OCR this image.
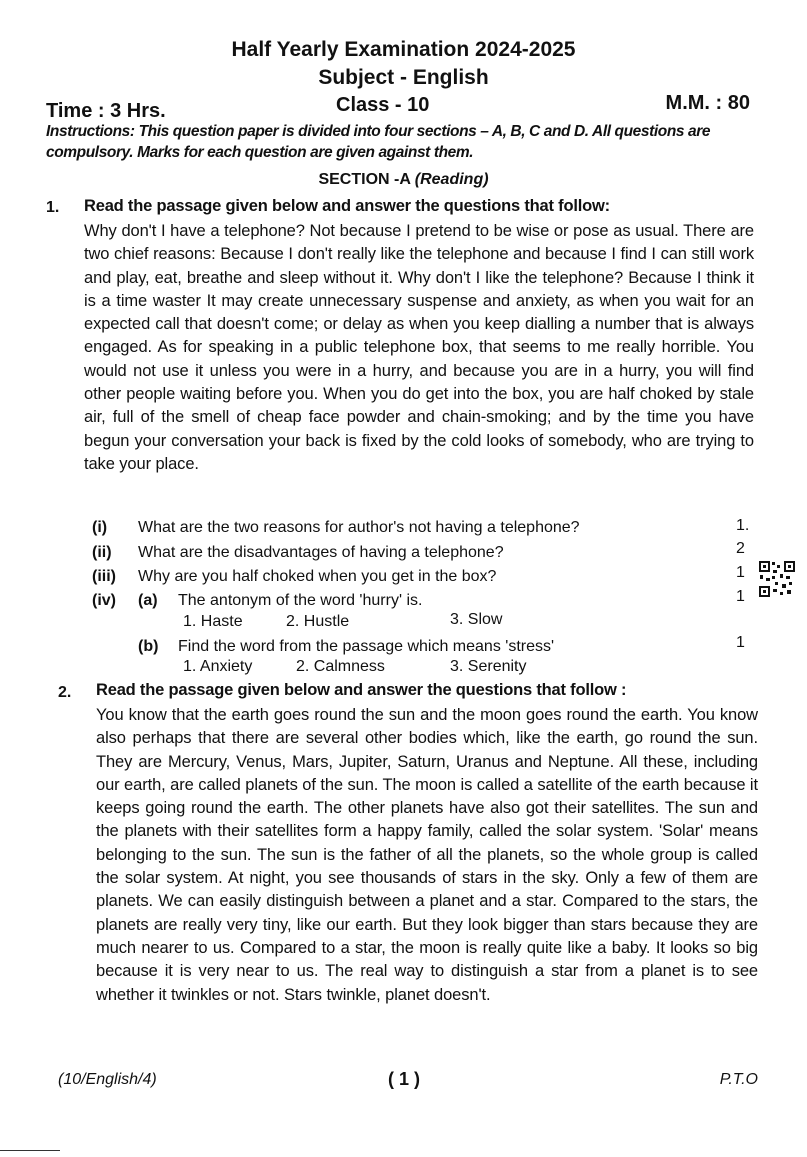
Half Yearly Examination 2024-2025
Subject - English
Time : 3 Hrs.	Class - 10	M.M. : 80
Instructions: This question paper is divided into four sections – A, B, C and D. All questions are compulsory. Marks for each question are given against them.
SECTION -A (Reading)
1. Read the passage given below and answer the questions that follow:

Why don't I have a telephone? Not because I pretend to be wise or pose as usual. There are two chief reasons: Because I don't really like the telephone and because I find I can still work and play, eat, breathe and sleep without it. Why don't I like the telephone? Because I think it is a time waster It may create unnecessary suspense and anxiety, as when you wait for an expected call that doesn't come; or delay as when you keep dialling a number that is always engaged. As for speaking in a public telephone box, that seems to me really horrible. You would not use it unless you were in a hurry, and because you are in a hurry, you will find other people waiting before you. When you do get into the box, you are half choked by stale air, full of the smell of cheap face powder and chain-smoking; and by the time you have begun your conversation your back is fixed by the cold looks of somebody, who are trying to take your place.

(i) What are the two reasons for author's not having a telephone?	1.
(ii) What are the disadvantages of having a telephone?	2
(iii) Why are you half choked when you get in the box?	1
(iv) (a) The antonym of the word 'hurry' is.	1
1. Haste	2. Hustle	3. Slow
(b) Find the word from the passage which means 'stress'	1
1. Anxiety	2. Calmness	3. Serenity
2. Read the passage given below and answer the questions that follow :

You know that the earth goes round the sun and the moon goes round the earth. You know also perhaps that there are several other bodies which, like the earth, go round the sun. They are Mercury, Venus, Mars, Jupiter, Saturn, Uranus and Neptune. All these, including our earth, are called planets of the sun. The moon is called a satellite of the earth because it keeps going round the earth. The other planets have also got their satellites. The sun and the planets with their satellites form a happy family, called the solar system. 'Solar' means belonging to the sun. The sun is the father of all the planets, so the whole group is called the solar system. At night, you see thousands of stars in the sky. Only a few of them are planets. We can easily distinguish between a planet and a star. Compared to the stars, the planets are really very tiny, like our earth. But they look bigger than stars because they are much nearer to us. Compared to a star, the moon is really quite like a baby. It looks so big because it is very near to us. The real way to distinguish a star from a planet is to see whether it twinkles or not. Stars twinkle, planet doesn't.

(10/English/4)	( 1 )	P.T.O
